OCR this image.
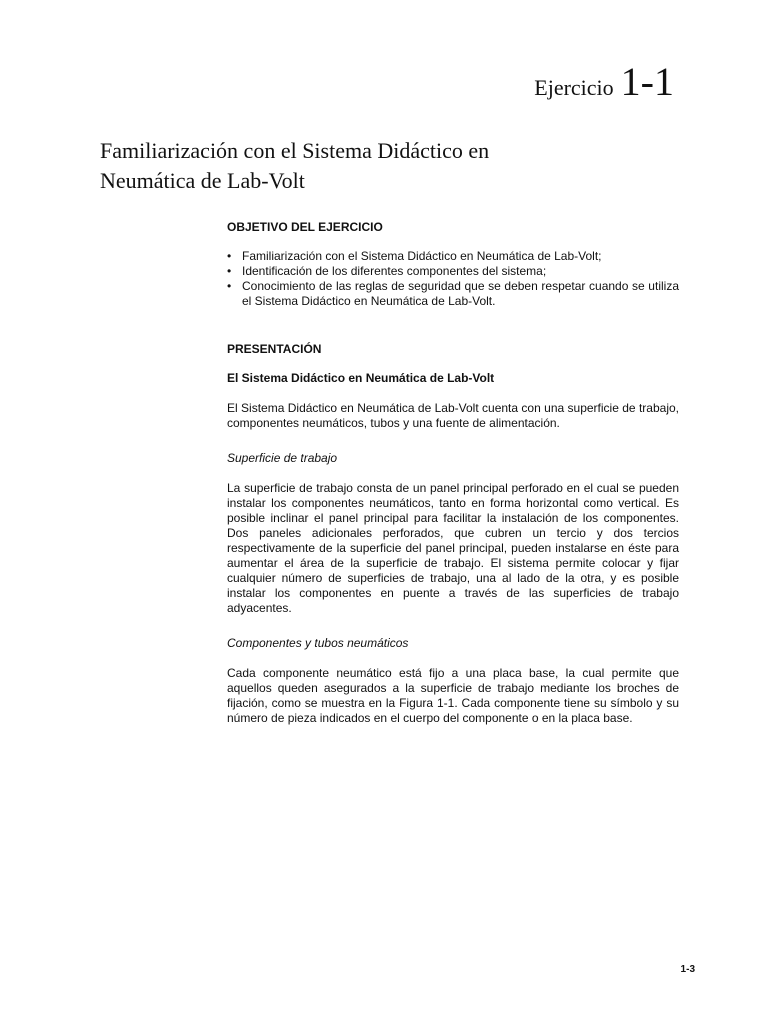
Ejercicio 1-1
Familiarización con el Sistema Didáctico en Neumática de Lab-Volt
OBJETIVO DEL EJERCICIO
• Familiarización con el Sistema Didáctico en Neumática de Lab-Volt;
• Identificación de los diferentes componentes del sistema;
• Conocimiento de las reglas de seguridad que se deben respetar cuando se utiliza el Sistema Didáctico en Neumática de Lab-Volt.
PRESENTACIÓN
El Sistema Didáctico en Neumática de Lab-Volt

El Sistema Didáctico en Neumática de Lab-Volt cuenta con una superficie de trabajo, componentes neumáticos, tubos y una fuente de alimentación.

Superficie de trabajo

La superficie de trabajo consta de un panel principal perforado en el cual se pueden instalar los componentes neumáticos, tanto en forma horizontal como vertical. Es posible inclinar el panel principal para facilitar la instalación de los componentes. Dos paneles adicionales perforados, que cubren un tercio y dos tercios respectivamente de la superficie del panel principal, pueden instalarse en éste para aumentar el área de la superficie de trabajo. El sistema permite colocar y fijar cualquier número de superficies de trabajo, una al lado de la otra, y es posible instalar los componentes en puente a través de las superficies de trabajo adyacentes.

Componentes y tubos neumáticos

Cada componente neumático está fijo a una placa base, la cual permite que aquellos queden asegurados a la superficie de trabajo mediante los broches de fijación, como se muestra en la Figura 1-1. Cada componente tiene su símbolo y su número de pieza indicados en el cuerpo del componente o en la placa base.

1-3
